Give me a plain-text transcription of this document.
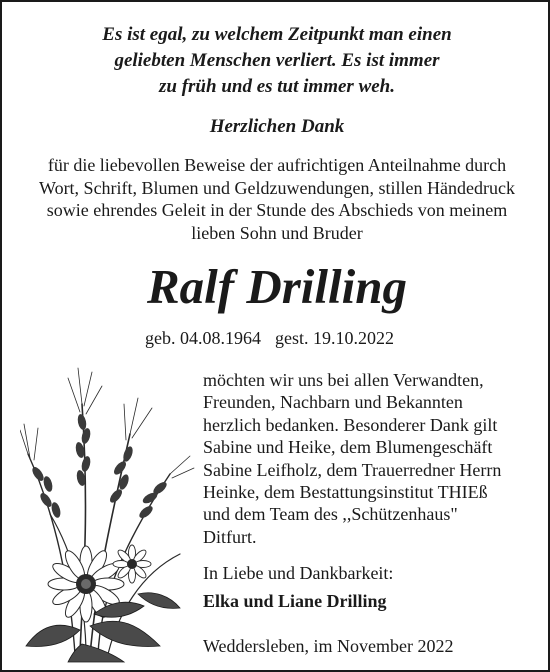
Es ist egal, zu welchem Zeitpunkt man einen
geliebten Menschen verliert. Es ist immer
zu früh und es tut immer weh.
Herzlichen Dank
für die liebevollen Beweise der aufrichtigen Anteilnahme durch
Wort, Schrift, Blumen und Geldzuwendungen, stillen Händedruck
sowie ehrendes Geleit in der Stunde des Abschieds von meinem
lieben Sohn und Bruder
Ralf Drilling
geb. 04.08.1964 gest. 19.10.2022
möchten wir uns bei allen Verwandten,
Freunden, Nachbarn und Bekannten
herzlich bedanken. Besonderer Dank gilt
Sabine und Heike, dem Blumengeschäft
Sabine Leifholz, dem Trauerredner Herrn
Heinke, dem Bestattungsinstitut THIEß
und dem Team des ,,Schützenhaus"
Ditfurt.
In Liebe und Dankbarkeit:
Elka und Liane Drilling
Weddersleben, im November 2022
